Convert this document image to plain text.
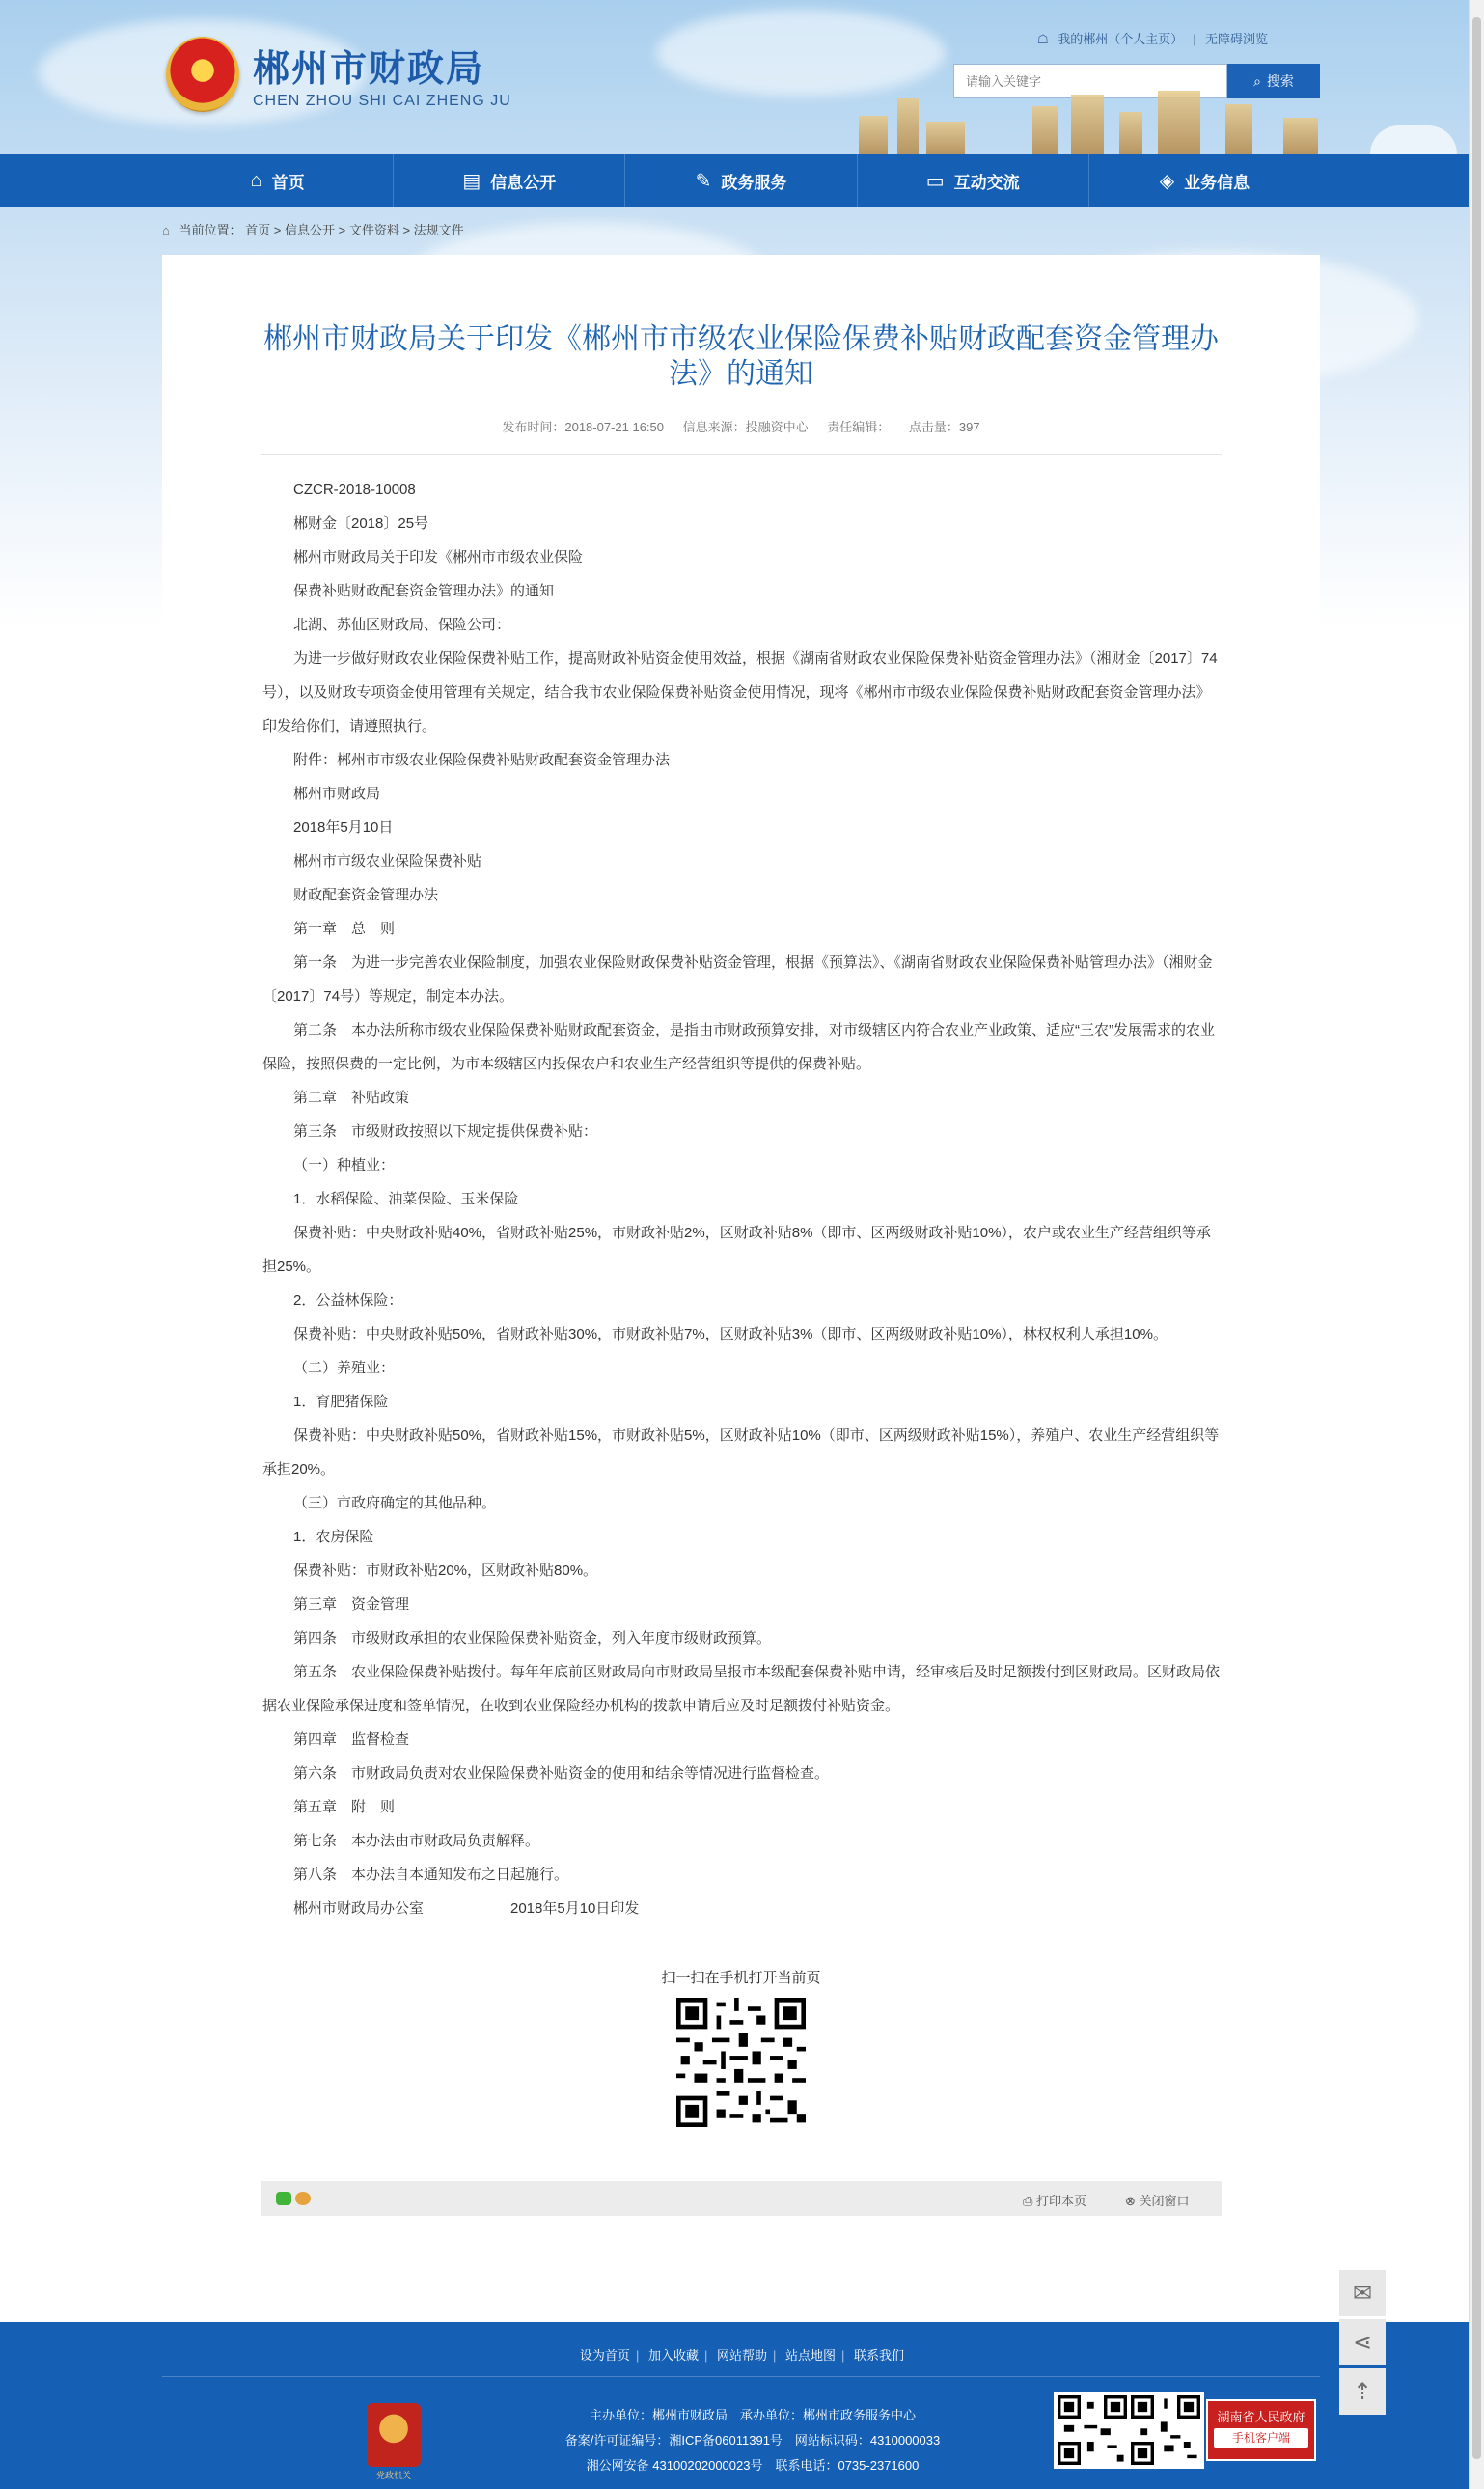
郴州市财政局
CHEN ZHOU SHI CAI ZHENG JU
☖ 我的郴州（个人主页） | 无障碍浏览
请输入关键字
⌕ 搜索
⌂ 首页	▤ 信息公开	✎ 政务服务	▭ 互动交流	◈ 业务信息
⌂ 当前位置： 首页 > 信息公开 > 文件资料 > 法规文件
郴州市财政局关于印发《郴州市市级农业保险保费补贴财政配套资金管理办法》的通知
发布时间：2018-07-21 16:50 信息来源：投融资中心 责任编辑： 点击量：397

CZCR-2018-10008

郴财金〔2018〕25号

郴州市财政局关于印发《郴州市市级农业保险

保费补贴财政配套资金管理办法》的通知

北湖、苏仙区财政局、保险公司：

为进一步做好财政农业保险保费补贴工作，提高财政补贴资金使用效益，根据《湖南省财政农业保险保费补贴资金管理办法》（湘财金〔2017〕74号），以及财政专项资金使用管理有关规定，结合我市农业保险保费补贴资金使用情况，现将《郴州市市级农业保险保费补贴财政配套资金管理办法》印发给你们，请遵照执行。

附件：郴州市市级农业保险保费补贴财政配套资金管理办法

郴州市财政局

2018年5月10日

郴州市市级农业保险保费补贴

财政配套资金管理办法

第一章　总　则

第一条　为进一步完善农业保险制度，加强农业保险财政保费补贴资金管理，根据《预算法》、《湖南省财政农业保险保费补贴管理办法》（湘财金〔2017〕74号）等规定，制定本办法。

第二条　本办法所称市级农业保险保费补贴财政配套资金，是指由市财政预算安排，对市级辖区内符合农业产业政策、适应“三农”发展需求的农业保险，按照保费的一定比例，为市本级辖区内投保农户和农业生产经营组织等提供的保费补贴。

第二章　补贴政策

第三条　市级财政按照以下规定提供保费补贴：

（一）种植业：

1．水稻保险、油菜保险、玉米保险

保费补贴：中央财政补贴40%，省财政补贴25%，市财政补贴2%，区财政补贴8%（即市、区两级财政补贴10%），农户或农业生产经营组织等承担25%。

2．公益林保险：

保费补贴：中央财政补贴50%，省财政补贴30%，市财政补贴7%，区财政补贴3%（即市、区两级财政补贴10%），林权权利人承担10%。

（二）养殖业：

1．育肥猪保险

保费补贴：中央财政补贴50%，省财政补贴15%，市财政补贴5%，区财政补贴10%（即市、区两级财政补贴15%），养殖户、农业生产经营组织等承担20%。

（三）市政府确定的其他品种。

1．农房保险

保费补贴：市财政补贴20%，区财政补贴80%。

第三章　资金管理

第四条　市级财政承担的农业保险保费补贴资金，列入年度市级财政预算。

第五条　农业保险保费补贴拨付。每年年底前区财政局向市财政局呈报市本级配套保费补贴申请，经审核后及时足额拨付到区财政局。区财政局依据农业保险承保进度和签单情况，在收到农业保险经办机构的拨款申请后应及时足额拨付补贴资金。

第四章　监督检查

第六条　市财政局负责对农业保险保费补贴资金的使用和结余等情况进行监督检查。

第五章　附　则

第七条　本办法由市财政局负责解释。

第八条　本办法自本通知发布之日起施行。

郴州市财政局办公室　　　　　　2018年5月10日印发

扫一扫在手机打开当前页
⎙ 打印本页	⊗ 关闭窗口
✉
⋖
⇡
设为首页 | 加入收藏 | 网站帮助 | 站点地图 | 联系我们
党政机关
主办单位：郴州市财政局　承办单位：郴州市政务服务中心
备案/许可证编号：湘ICP备06011391号　网站标识码：4310000033
湘公网安备 43100202000023号　联系电话：0735-2371600
湖南省人民政府
手机客户端
